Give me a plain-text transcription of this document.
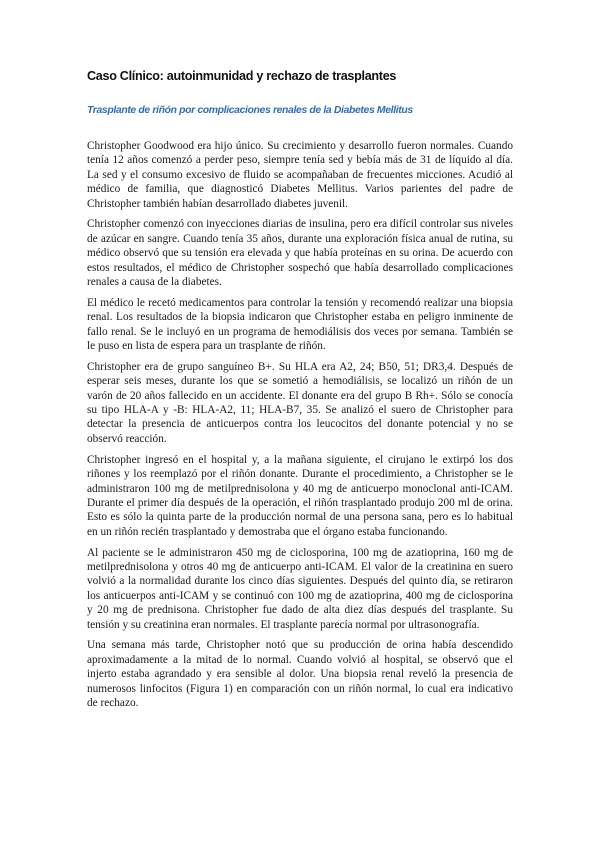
Caso Clínico: autoinmunidad y rechazo de trasplantes
Trasplante de riñón por complicaciones renales de la Diabetes Mellitus

Christopher Goodwood era hijo único. Su crecimiento y desarrollo fueron normales. Cuando tenía 12 años comenzó a perder peso, siempre tenía sed y bebía más de 31 de líquido al día. La sed y el consumo excesivo de fluido se acompañaban de frecuentes micciones. Acudió al médico de familia, que diagnosticó Diabetes Mellitus. Varios parientes del padre de Christopher también habían desarrollado diabetes juvenil.

Christopher comenzó con inyecciones diarias de insulina, pero era difícil controlar sus niveles de azúcar en sangre. Cuando tenía 35 años, durante una exploración física anual de rutina, su médico observó que su tensión era elevada y que había proteínas en su orina. De acuerdo con estos resultados, el médico de Christopher sospechó que había desarrollado complicaciones renales a causa de la diabetes.

El médico le recetó medicamentos para controlar la tensión y recomendó realizar una biopsia renal. Los resultados de la biopsia indicaron que Christopher estaba en peligro inminente de fallo renal. Se le incluyó en un programa de hemodiálisis dos veces por semana. También se le puso en lista de espera para un trasplante de riñón.

Christopher era de grupo sanguíneo B+. Su HLA era A2, 24; B50, 51; DR3,4. Después de esperar seis meses, durante los que se sometió a hemodiálisis, se localizó un riñón de un varón de 20 años fallecido en un accidente. El donante era del grupo B Rh+. Sólo se conocía su tipo HLA-A y -B: HLA-A2, 11; HLA-B7, 35. Se analizó el suero de Christopher para detectar la presencia de anticuerpos contra los leucocitos del donante potencial y no se observó reacción.

Christopher ingresó en el hospital y, a la mañana siguiente, el cirujano le extirpó los dos riñones y los reemplazó por el riñón donante. Durante el procedimiento, a Christopher se le administraron 100 mg de metilprednisolona y 40 mg de anticuerpo monoclonal anti-ICAM. Durante el primer día después de la operación, el riñón trasplantado produjo 200 ml de orina. Esto es sólo la quinta parte de la producción normal de una persona sana, pero es lo habitual en un riñón recién trasplantado y demostraba que el órgano estaba funcionando.

Al paciente se le administraron 450 mg de ciclosporina, 100 mg de azatioprina, 160 mg de metilprednisolona y otros 40 mg de anticuerpo anti-ICAM. El valor de la creatinina en suero volvió a la normalidad durante los cinco días siguientes. Después del quinto día, se retiraron los anticuerpos anti-ICAM y se continuó con 100 mg de azatioprina, 400 mg de ciclosporina y 20 mg de prednisona. Christopher fue dado de alta diez días después del trasplante. Su tensión y su creatinina eran normales. El trasplante parecía normal por ultrasonografía.

Una semana más tarde, Christopher notó que su producción de orina había descendido aproximadamente a la mitad de lo normal. Cuando volvió al hospital, se observó que el injerto estaba agrandado y era sensible al dolor. Una biopsia renal reveló la presencia de numerosos linfocitos (Figura 1) en comparación con un riñón normal, lo cual era indicativo de rechazo.
